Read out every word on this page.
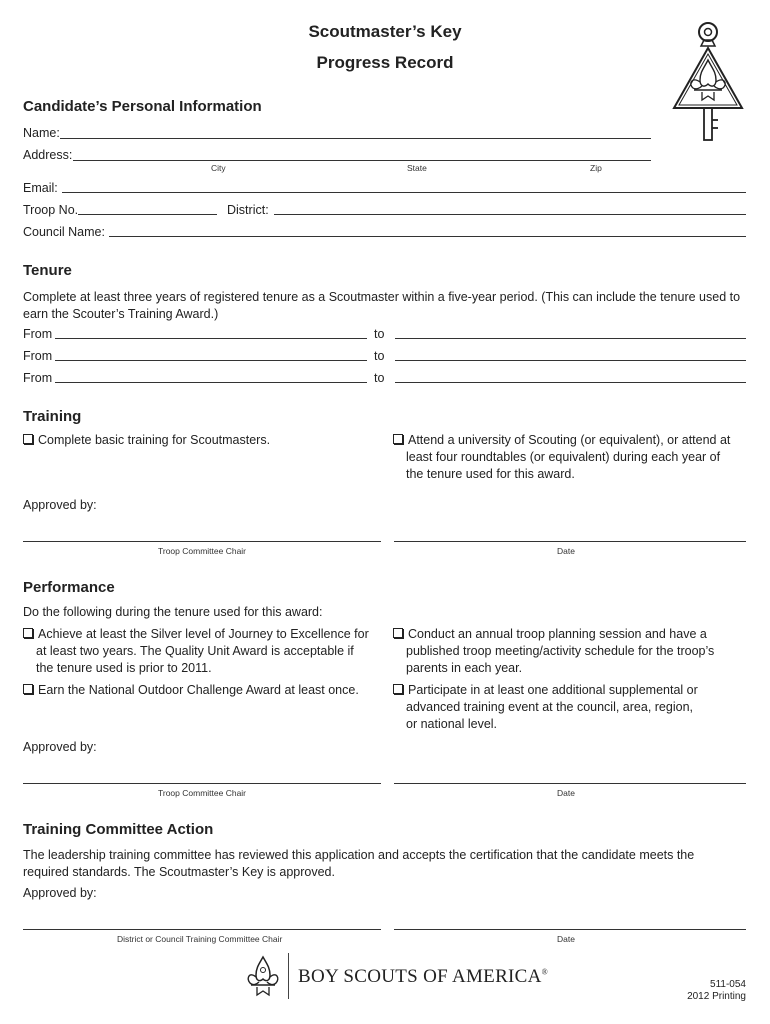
Scoutmaster’s Key
Progress Record
Candidate’s Personal Information
Name:
Address:
City	State	Zip
Email:
Troop No.	District:
Council Name:
Tenure
Complete at least three years of registered tenure as a Scoutmaster within a five-year period. (This can include the tenure used to earn the Scouter’s Training Award.)
From	to
From	to
From	to
Training
Complete basic training for Scoutmasters.	Attend a university of Scouting (or equivalent), or attend at
least four roundtables (or equivalent) during each year of
the tenure used for this award.
Approved by:
Troop Committee Chair	Date
Performance
Do the following during the tenure used for this award:
Achieve at least the Silver level of Journey to Excellence for
at least two years. The Quality Unit Award is acceptable if
the tenure used is prior to 2011.
Earn the National Outdoor Challenge Award at least once.
Conduct an annual troop planning session and have a
published troop meeting/activity schedule for the troop’s
parents in each year.
Participate in at least one additional supplemental or
advanced training event at the council, area, region,
or national level.
Approved by:
Troop Committee Chair	Date
Training Committee Action
The leadership training committee has reviewed this application and accepts the certification that the candidate meets the required standards. The Scoutmaster’s Key is approved.
Approved by:
District or Council Training Committee Chair	Date
BOY SCOUTS OF AMERICA®
511-054
2012 Printing
